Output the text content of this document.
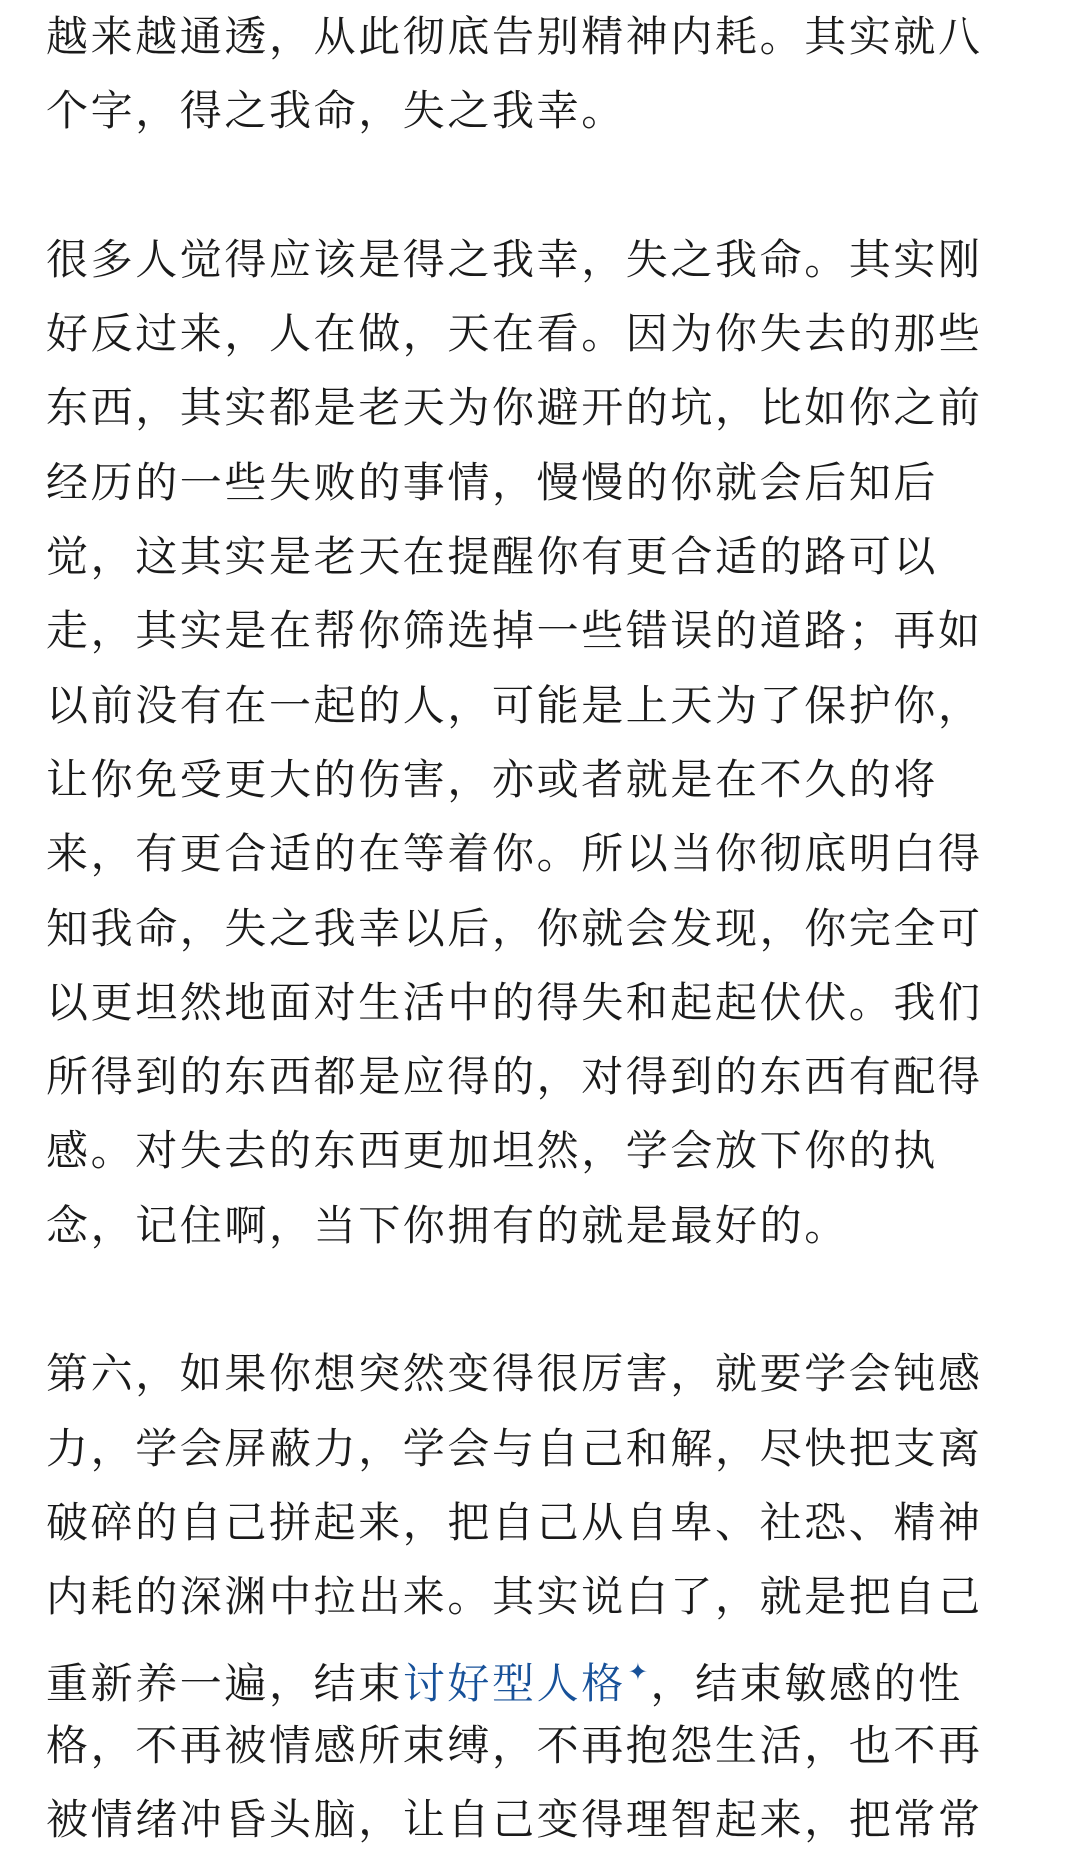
越来越通透，从此彻底告别精神内耗。其实就八
个字，得之我命，失之我幸。
很多人觉得应该是得之我幸，失之我命。其实刚
好反过来，人在做，天在看。因为你失去的那些
东西，其实都是老天为你避开的坑，比如你之前
经历的一些失败的事情，慢慢的你就会后知后
觉，这其实是老天在提醒你有更合适的路可以
走，其实是在帮你筛选掉一些错误的道路；再如
以前没有在一起的人，可能是上天为了保护你，
让你免受更大的伤害，亦或者就是在不久的将
来，有更合适的在等着你。所以当你彻底明白得
知我命，失之我幸以后，你就会发现，你完全可
以更坦然地面对生活中的得失和起起伏伏。我们
所得到的东西都是应得的，对得到的东西有配得
感。对失去的东西更加坦然，学会放下你的执
念，记住啊，当下你拥有的就是最好的。
第六，如果你想突然变得很厉害，就要学会钝感
力，学会屏蔽力，学会与自己和解，尽快把支离
破碎的自己拼起来，把自己从自卑、社恐、精神
内耗的深渊中拉出来。其实说白了，就是把自己
重新养一遍，结束讨好型人格✦，结束敏感的性
格，不再被情感所束缚，不再抱怨生活，也不再
被情绪冲昏头脑，让自己变得理智起来，把常常
